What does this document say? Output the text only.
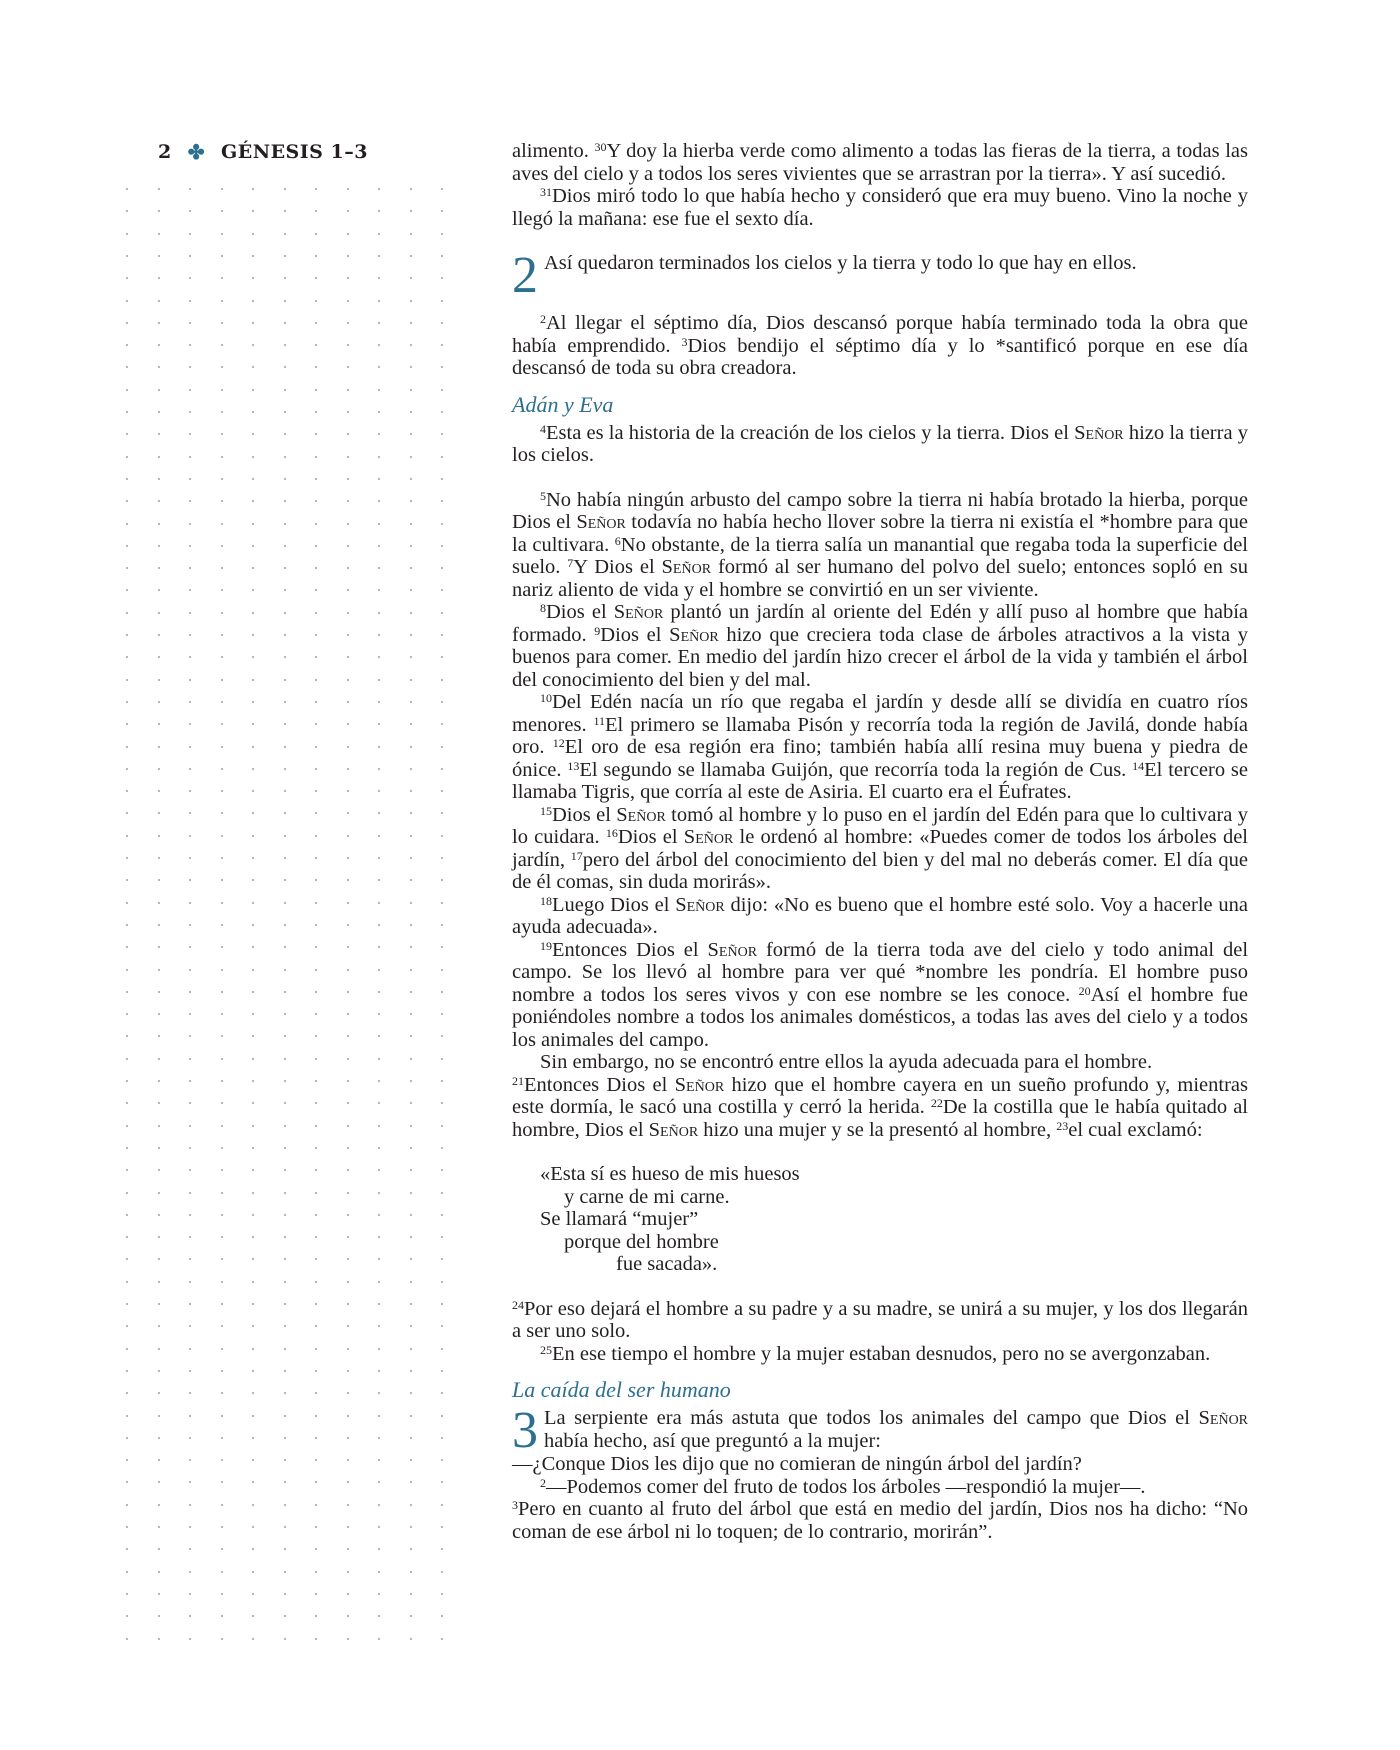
2 ✤ GÉNESIS 1–3	alimento. $^{30}$Y doy la hierba verde como alimento a todas las fieras de la tierra, a todas las aves del cielo y a todos los seres vivientes que se arrastran por la tierra». Y así sucedió.

$^{31}$Dios miró todo lo que había hecho y consideró que era muy bueno. Vino la noche y llegó la mañana: ese fue el sexto día.

2 Así quedaron terminados los cielos y la tierra y todo lo que hay en ellos.

$^2$Al llegar el séptimo día, Dios descansó porque había terminado toda la obra que había emprendido. $^3$Dios bendijo el séptimo día y lo *santificó porque en ese día descansó de toda su obra creadora.

Adán y Eva

$^4$Esta es la historia de la creación de los cielos y la tierra. Dios el Señor hizo la tierra y los cielos.

$^5$No había ningún arbusto del campo sobre la tierra ni había brotado la hierba, porque Dios el Señor todavía no había hecho llover sobre la tierra ni existía el *hombre para que la cultivara. $^6$No obstante, de la tierra salía un manantial que regaba toda la superficie del suelo. $^7$Y Dios el Señor formó al ser humano del polvo del suelo; entonces sopló en su nariz aliento de vida y el hombre se convirtió en un ser viviente.

$^8$Dios el Señor plantó un jardín al oriente del Edén y allí puso al hombre que había formado. $^9$Dios el Señor hizo que creciera toda clase de árboles atractivos a la vista y buenos para comer. En medio del jardín hizo crecer el árbol de la vida y también el árbol del conocimiento del bien y del mal.

$^{10}$Del Edén nacía un río que regaba el jardín y desde allí se dividía en cuatro ríos menores. $^{11}$El primero se llamaba Pisón y recorría toda la región de Javilá, donde había oro. $^{12}$El oro de esa región era fino; también había allí resina muy buena y piedra de ónice. $^{13}$El segundo se llamaba Guijón, que recorría toda la región de Cus. $^{14}$El tercero se llamaba Tigris, que corría al este de Asiria. El cuarto era el Éufrates.

$^{15}$Dios el Señor tomó al hombre y lo puso en el jardín del Edén para que lo cultivara y lo cuidara. $^{16}$Dios el Señor le ordenó al hombre: «Puedes comer de todos los árboles del jardín, $^{17}$pero del árbol del conocimiento del bien y del mal no deberás comer. El día que de él comas, sin duda morirás».

$^{18}$Luego Dios el Señor dijo: «No es bueno que el hombre esté solo. Voy a hacerle una ayuda adecuada».

$^{19}$Entonces Dios el Señor formó de la tierra toda ave del cielo y todo animal del campo. Se los llevó al hombre para ver qué *nombre les pondría. El hombre puso nombre a todos los seres vivos y con ese nombre se les conoce. $^{20}$Así el hombre fue poniéndoles nombre a todos los animales domésticos, a todas las aves del cielo y a todos los animales del campo.

Sin embargo, no se encontró entre ellos la ayuda adecuada para el hombre.

$^{21}$Entonces Dios el Señor hizo que el hombre cayera en un sueño profundo y, mientras este dormía, le sacó una costilla y cerró la herida. $^{22}$De la costilla que le había quitado al hombre, Dios el Señor hizo una mujer y se la presentó al hombre, $^{23}$el cual exclamó:

«Esta sí es hueso de mis huesos
y carne de mi carne.
Se llamará “mujer”
porque del hombre
fue sacada».

$^{24}$Por eso dejará el hombre a su padre y a su madre, se unirá a su mujer, y los dos llegarán a ser uno solo.

$^{25}$En ese tiempo el hombre y la mujer estaban desnudos, pero no se avergonzaban.

La caída del ser humano
3 La serpiente era más astuta que todos los animales del campo que Dios el Señor había hecho, así que preguntó a la mujer:

—¿Conque Dios les dijo que no comieran de ningún árbol del jardín?

$^2$—Podemos comer del fruto de todos los árboles —respondió la mujer—.

$^3$Pero en cuanto al fruto del árbol que está en medio del jardín, Dios nos ha dicho: “No coman de ese árbol ni lo toquen; de lo contrario, morirán”.
